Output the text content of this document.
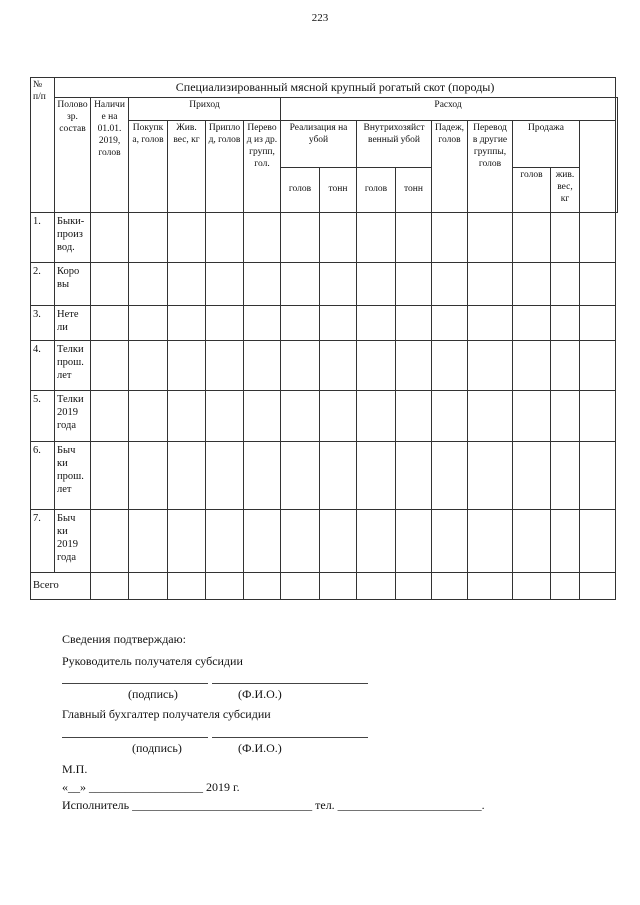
223
№ п/п	Специализированный мясной крупный рогатый скот (породы)															
	Полово зр. состав	Наличи е на 01.01. 2019, голов	Приход				Расход	
			Покупк а, голов	Жив. вес, кг	Припло д, голов	Перево д из др. групп, гол.	Реализация на убой		Внутрихозяйст венный убой		Падеж, голов	Перевод в другие группы, голов	Продажа			
							голов	тонн	голов	тонн			голов	жив. вес, кг		
1.	Быки-произ вод.															
2.	Коро вы															
3.	Нете ли															
4.	Телки прош. лет															
5.	Телки 2019 года															
6.	Быч ки прош. лет															
7.	Быч ки 2019 года															
Всего																
Сведения подтверждаю:
Руководитель получателя субсидии
(подпись)	(Ф.И.О.)
Главный бухгалтер получателя субсидии
(подпись)	(Ф.И.О.)
М.П.
«__» ___________________ 2019 г.
Исполнитель ______________________________ тел. ________________________.
